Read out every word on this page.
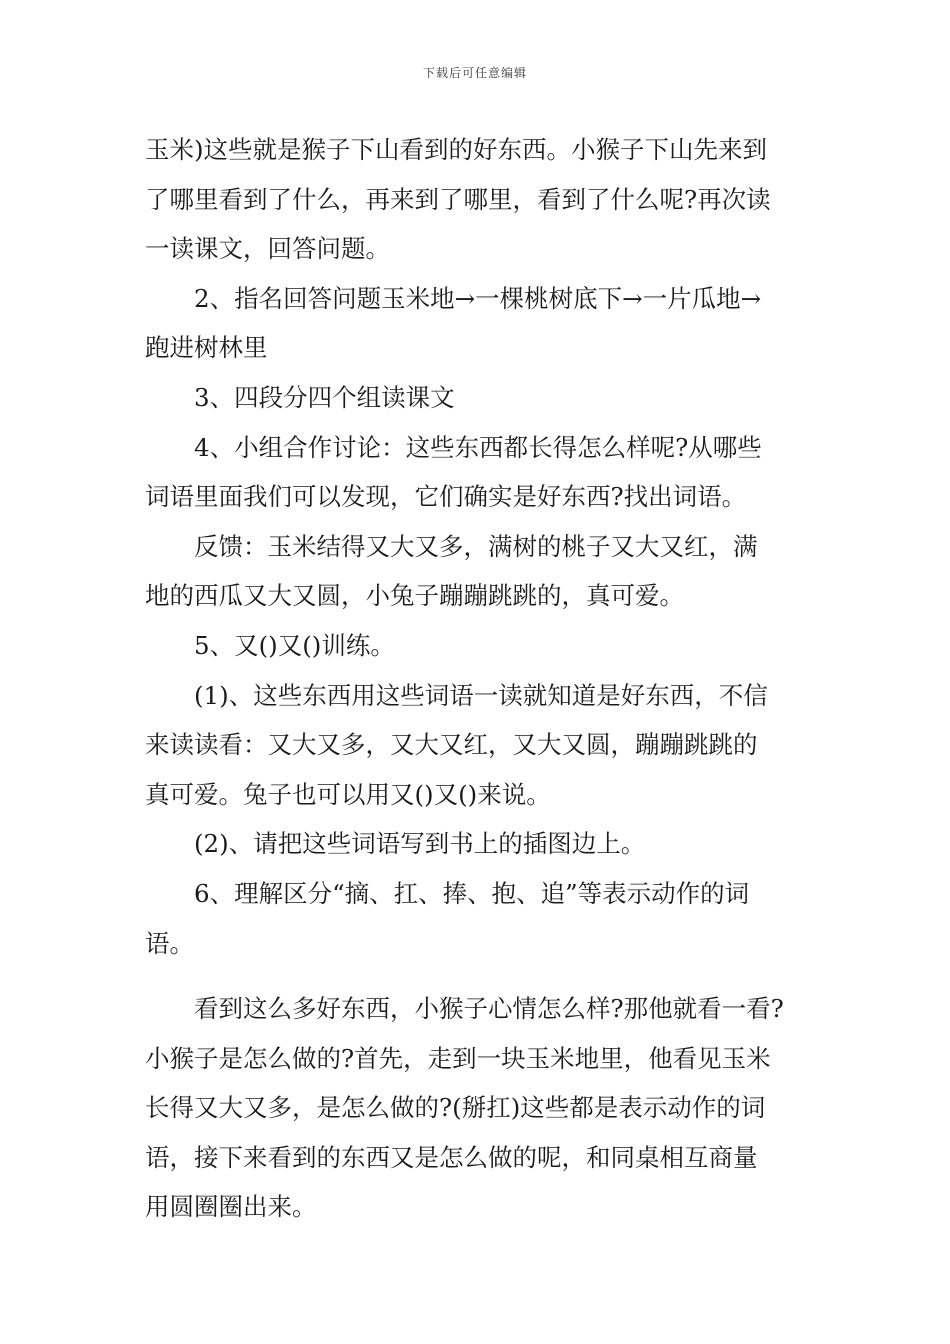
下载后可任意编辑
玉米)这些就是猴子下山看到的好东西。小猴子下山先来到
了哪里看到了什么，再来到了哪里，看到了什么呢?再次读
一读课文，回答问题。
2、指名回答问题玉米地→一棵桃树底下→一片瓜地→
跑进树林里
3、四段分四个组读课文
4、小组合作讨论：这些东西都长得怎么样呢?从哪些
词语里面我们可以发现，它们确实是好东西?找出词语。
反馈：玉米结得又大又多，满树的桃子又大又红，满
地的西瓜又大又圆，小兔子蹦蹦跳跳的，真可爱。
5、又()又()训练。
(1)、这些东西用这些词语一读就知道是好东西，不信
来读读看：又大又多，又大又红，又大又圆，蹦蹦跳跳的
真可爱。兔子也可以用又()又()来说。
(2)、请把这些词语写到书上的插图边上。
6、理解区分“摘、扛、捧、抱、追”等表示动作的词
语。
看到这么多好东西，小猴子心情怎么样?那他就看一看?
小猴子是怎么做的?首先，走到一块玉米地里，他看见玉米
长得又大又多，是怎么做的?(掰扛)这些都是表示动作的词
语，接下来看到的东西又是怎么做的呢，和同桌相互商量
用圆圈圈出来。
